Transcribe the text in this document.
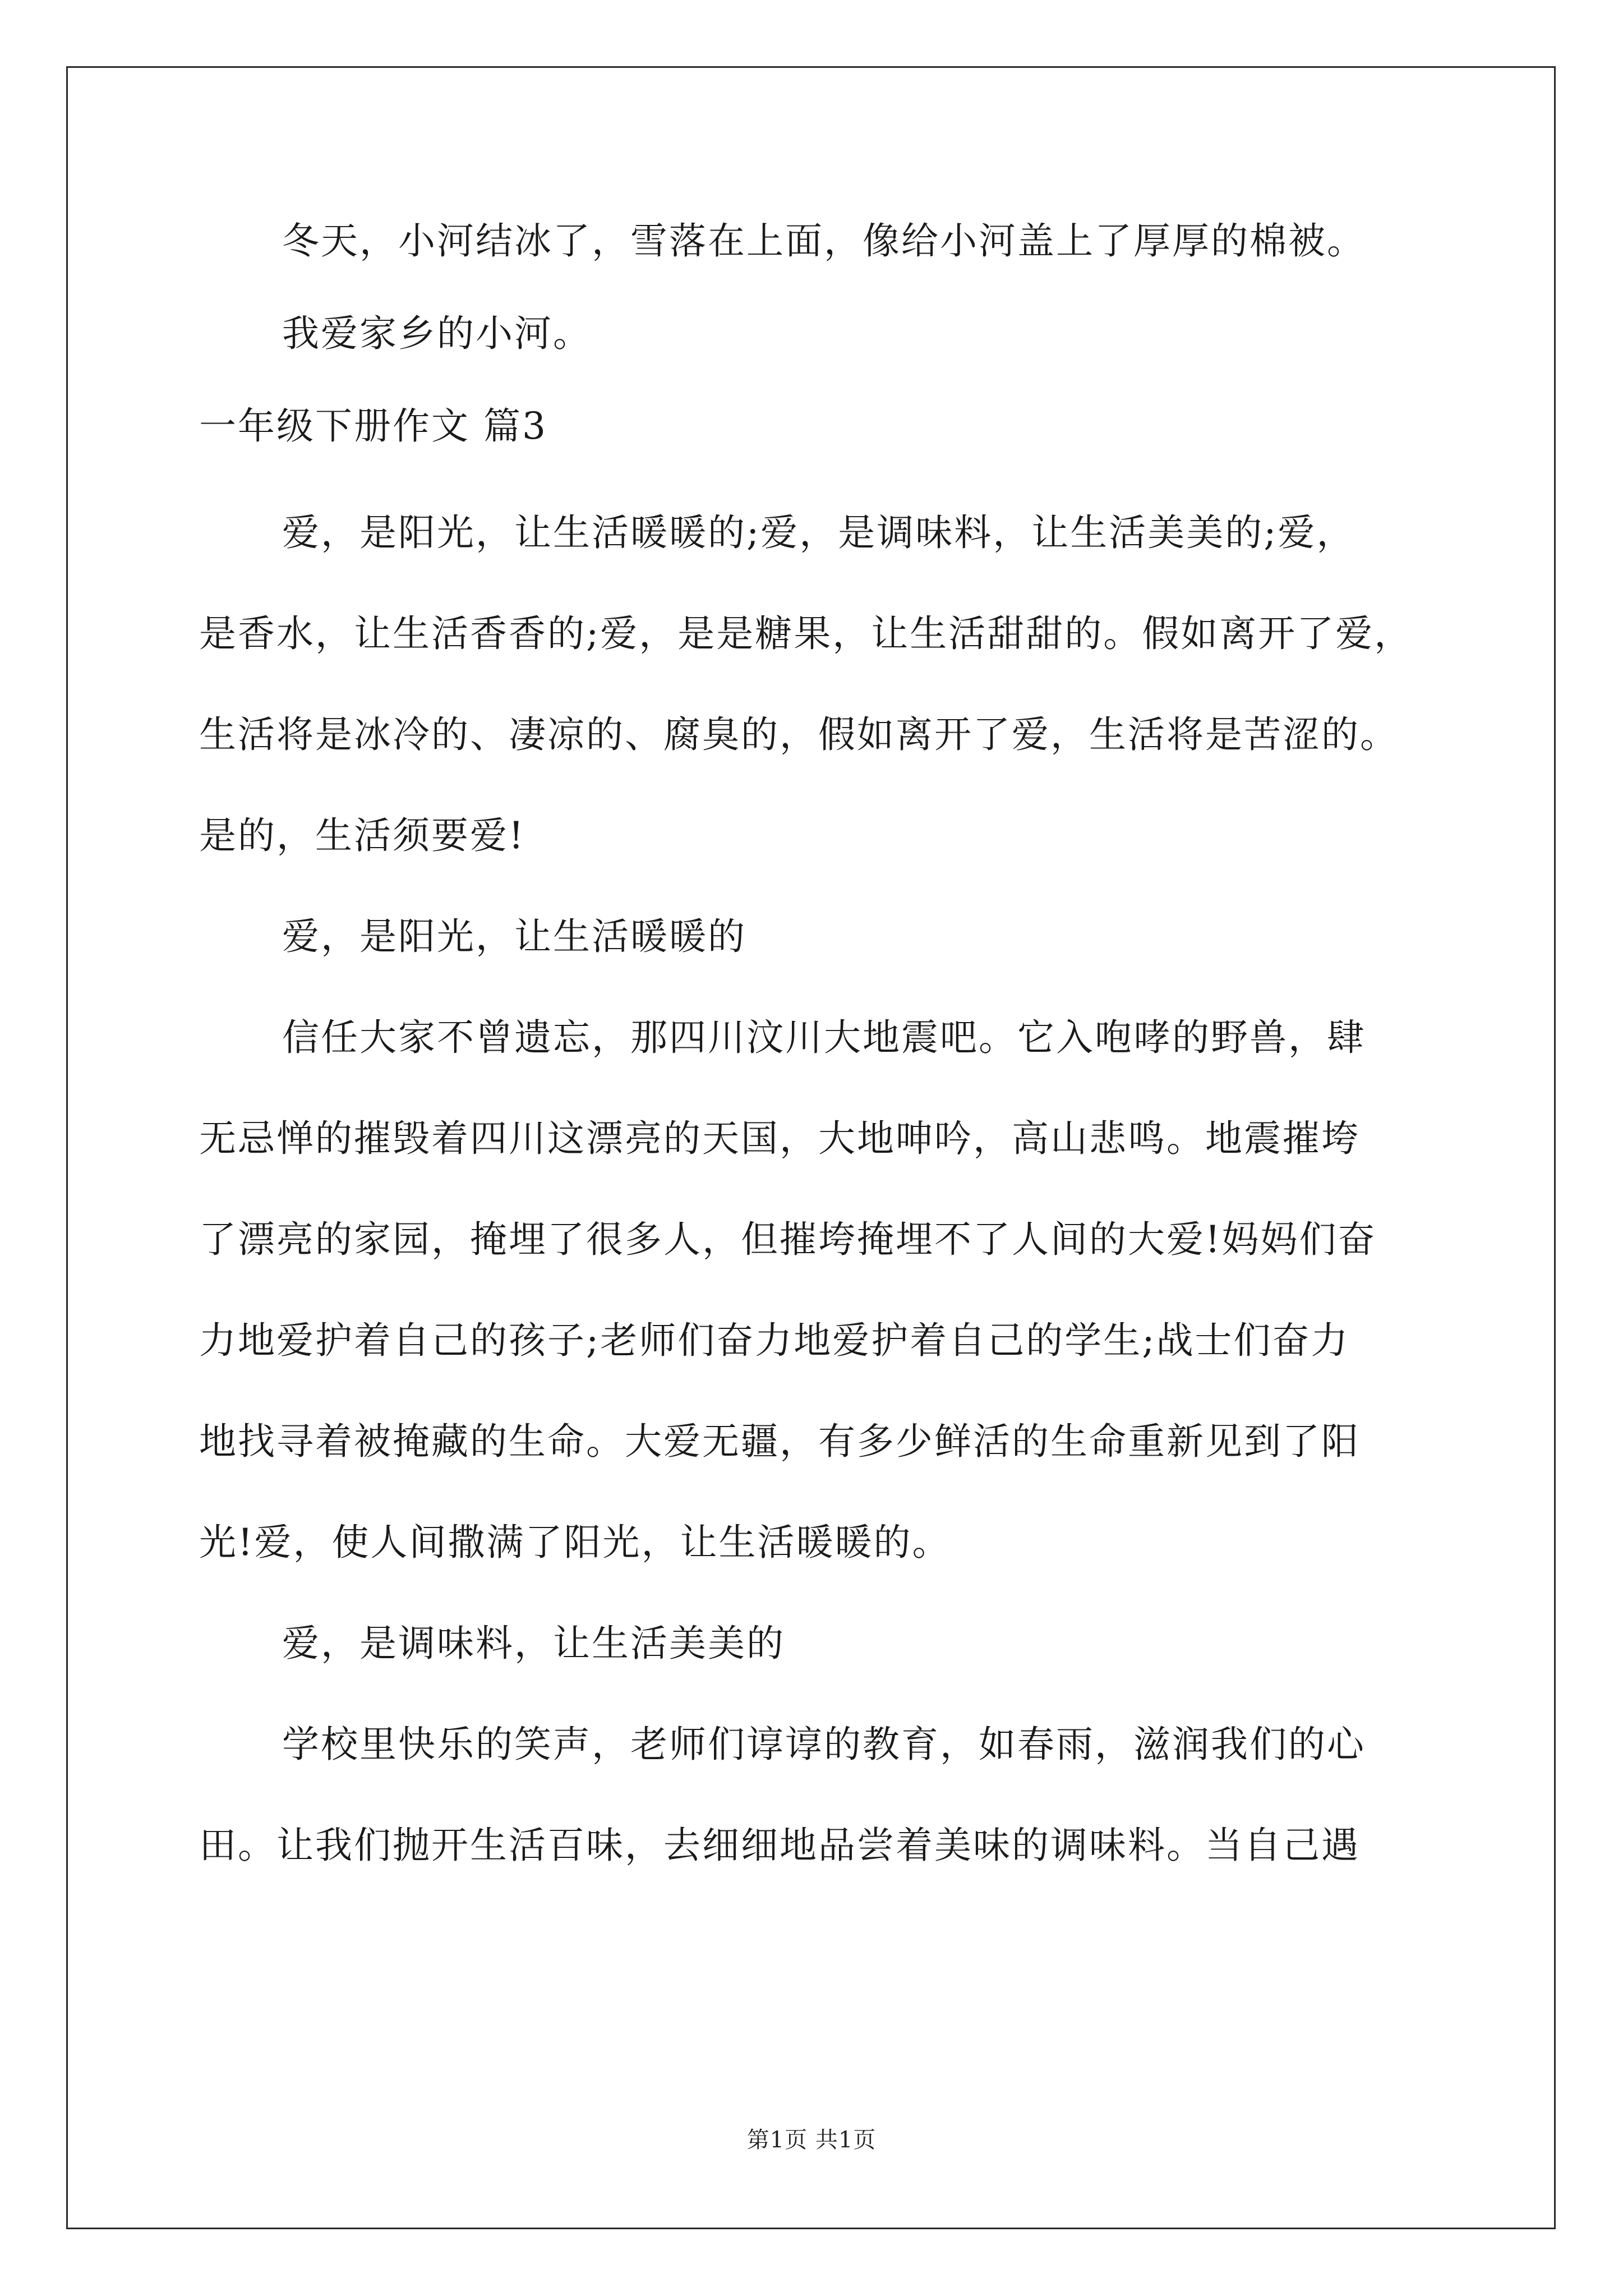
冬天，小河结冰了，雪落在上面，像给小河盖上了厚厚的棉被。
我爱家乡的小河。
一年级下册作文 篇3
爱，是阳光，让生活暖暖的;爱，是调味料，让生活美美的;爱，
是香水，让生活香香的;爱，是是糖果，让生活甜甜的。假如离开了爱，
生活将是冰冷的、凄凉的、腐臭的，假如离开了爱，生活将是苦涩的。
是的，生活须要爱!
爱，是阳光，让生活暖暖的
信任大家不曾遗忘，那四川汶川大地震吧。它入咆哮的野兽，肆
无忌惮的摧毁着四川这漂亮的天国，大地呻吟，高山悲鸣。地震摧垮
了漂亮的家园，掩埋了很多人，但摧垮掩埋不了人间的大爱!妈妈们奋
力地爱护着自己的孩子;老师们奋力地爱护着自己的学生;战士们奋力
地找寻着被掩藏的生命。大爱无疆，有多少鲜活的生命重新见到了阳
光!爱，使人间撒满了阳光，让生活暖暖的。
爱，是调味料，让生活美美的
学校里快乐的笑声，老师们谆谆的教育，如春雨，滋润我们的心
田。让我们抛开生活百味，去细细地品尝着美味的调味料。当自己遇
第1页 共1页
